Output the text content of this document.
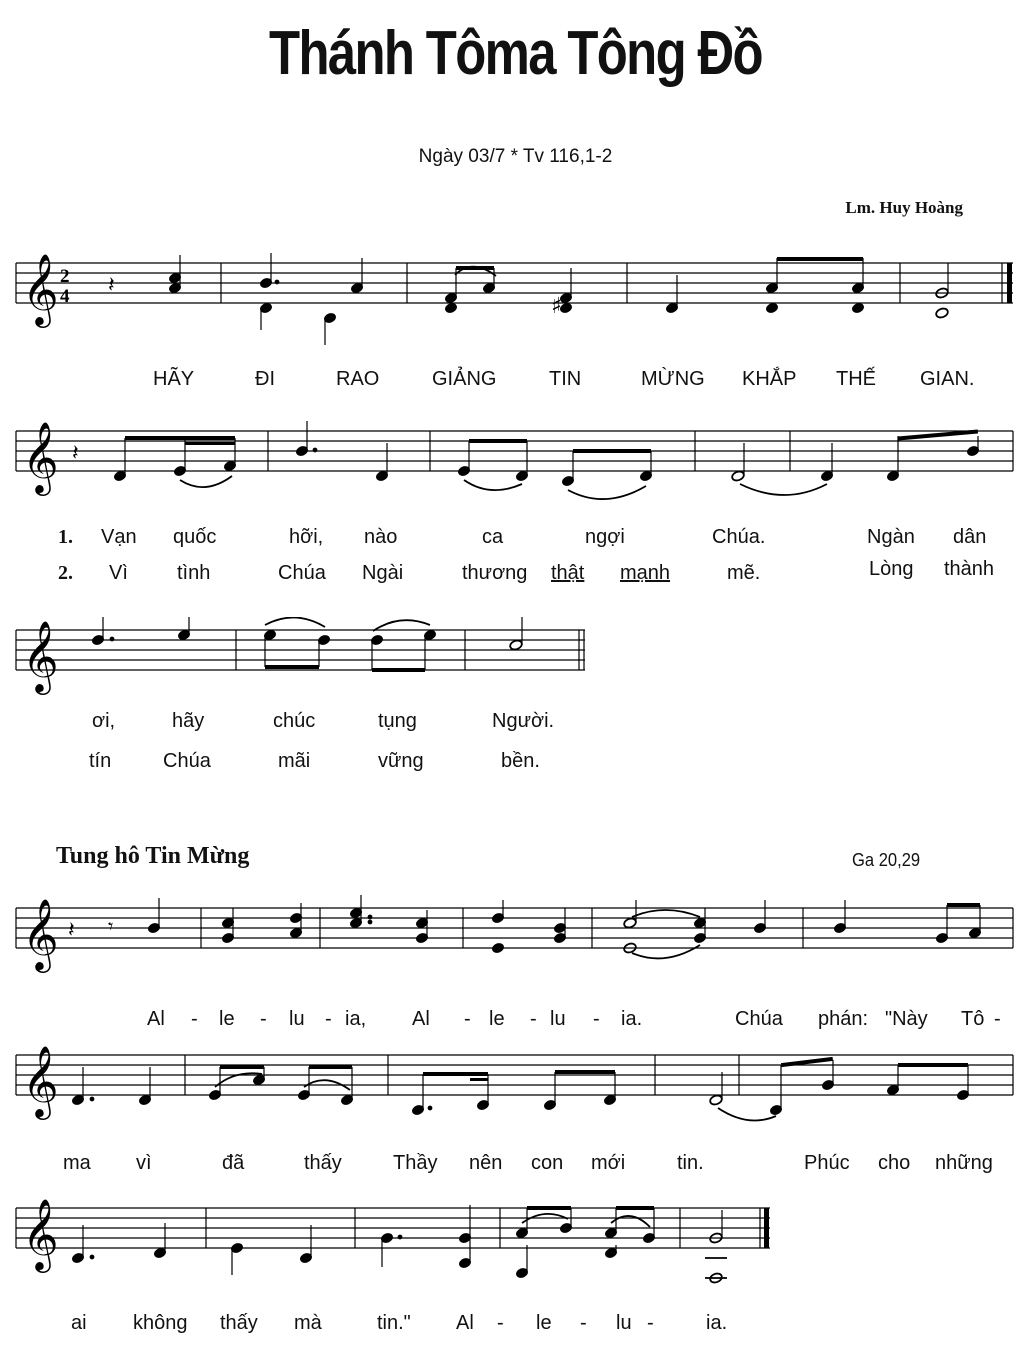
Thánh Tôma Tông Đồ
Ngày 03/7 * Tv 116,1-2
Lm. Huy Hoàng
𝄞 2
4 𝄽
♯
HÃY	ĐI	RAO	GIẢNG	TIN	MỪNG KHẮP THẾ GIAN.
𝄞 𝄽
1.
2.
Vạn quốc	hỡi, nào	ca	ngợi	Chúa.	Ngàn dân
Vì tình	Chúa Ngài	thương thật mạnh	mẽ.	Lòng thành
𝄞
ơi,	hãy	chúc	tụng	Người.
tín	Chúa	mãi	vững	bền.
Tung hô Tin Mừng	Ga 20,29
𝄞 𝄽 𝄾
Al - le - lu - ia, Al - le - lu - ia.	Chúa phán: "Này Tô -
𝄞
ma vì	đã	thấy	Thầy nên con mới	tin.	Phúc cho những
𝄞
ai không thấy mà	tin." Al - le - lu -	ia.
